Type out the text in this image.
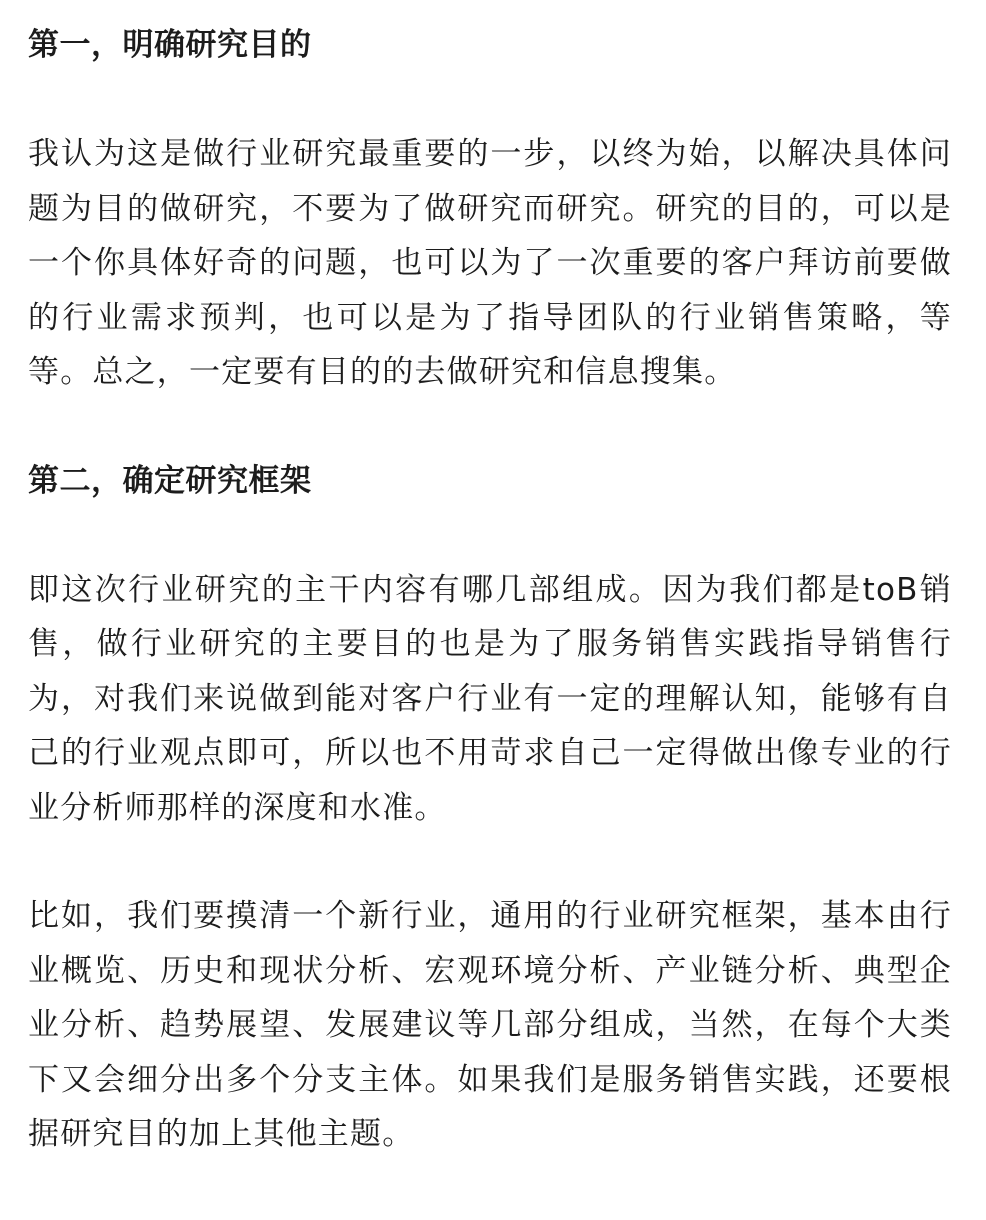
第一，明确研究目的

我认为这是做行业研究最重要的一步，以终为始，以解决具体问题为目的做研究，不要为了做研究而研究。研究的目的，可以是一个你具体好奇的问题，也可以为了一次重要的客户拜访前要做的行业需求预判，也可以是为了指导团队的行业销售策略，等等。总之，一定要有目的的去做研究和信息搜集。

第二，确定研究框架

即这次行业研究的主干内容有哪几部组成。因为我们都是toB销售，做行业研究的主要目的也是为了服务销售实践指导销售行为，对我们来说做到能对客户行业有一定的理解认知，能够有自己的行业观点即可，所以也不用苛求自己一定得做出像专业的行业分析师那样的深度和水准。

比如，我们要摸清一个新行业，通用的行业研究框架，基本由行业概览、历史和现状分析、宏观环境分析、产业链分析、典型企业分析、趋势展望、发展建议等几部分组成，当然，在每个大类下又会细分出多个分支主体。如果我们是服务销售实践，还要根据研究目的加上其他主题。
